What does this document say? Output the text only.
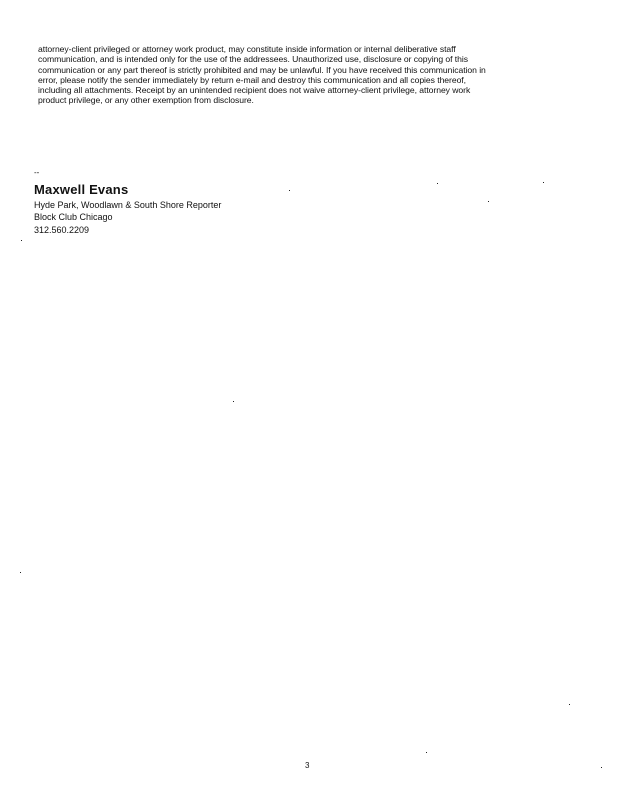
attorney-client privileged or attorney work product, may constitute inside information or internal deliberative staff
communication, and is intended only for the use of the addressees. Unauthorized use, disclosure or copying of this
communication or any part thereof is strictly prohibited and may be unlawful. If you have received this communication in
error, please notify the sender immediately by return e-mail and destroy this communication and all copies thereof,
including all attachments. Receipt by an unintended recipient does not waive attorney-client privilege, attorney work
product privilege, or any other exemption from disclosure.
--
Maxwell Evans
Hyde Park, Woodlawn & South Shore Reporter
Block Club Chicago
312.560.2209
3
